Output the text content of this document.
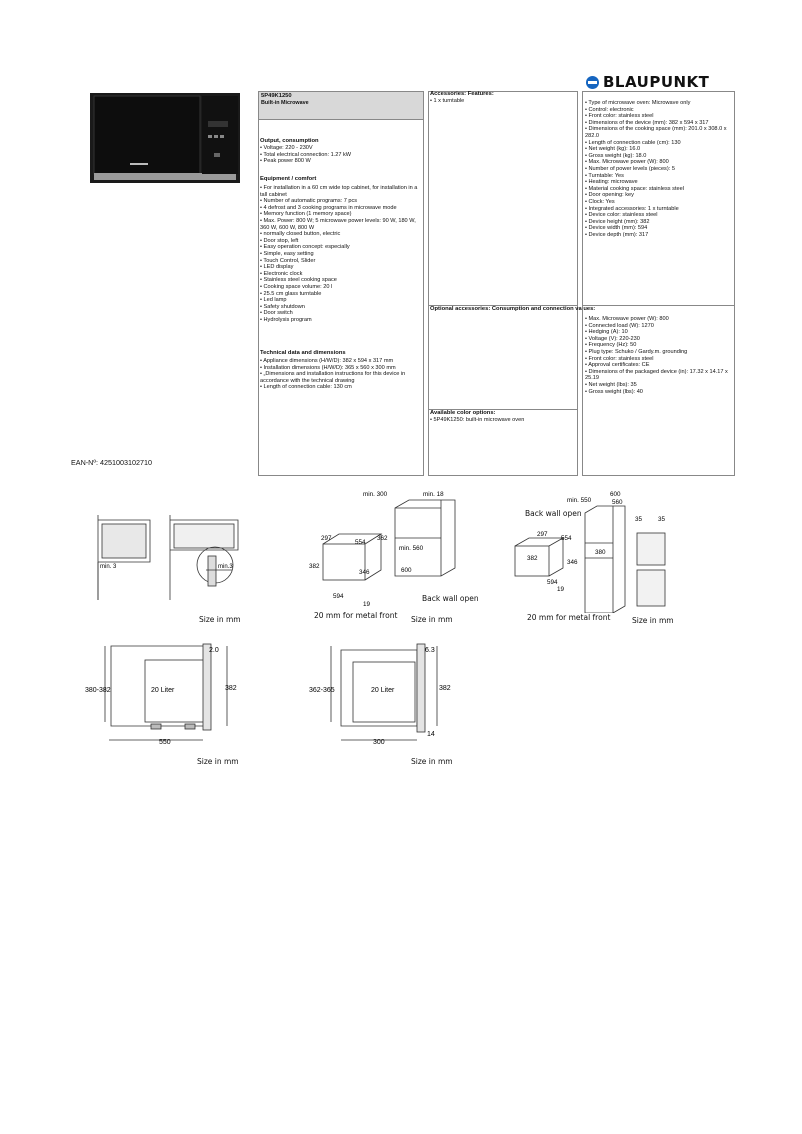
BLAUPUNKT
5P49K1250
Built-in Microwave
Output, consumption
• Voltage: 220 - 230V
• Total electrical connection: 1.27 kW
• Peak power 800 W
Equipment / comfort
• For installation in a 60 cm wide top cabinet, for installation in a tall cabinet
• Number of automatic programs: 7 pcs
• 4 defrost and 3 cooking programs in microwave mode
• Memory function (1 memory space)
• Max. Power: 800 W; 5 microwave power levels: 90 W, 180 W, 360 W, 600 W, 800 W
• normally closed button, electric
• Door stop, left
• Easy operation concept: especially
• Simple, easy setting
• Touch Control, Slider
• LED display
• Electronic clock
• Stainless steel cooking space
• Cooking space volume: 20 l
• 25.5 cm glass turntable
• Led lamp
• Safety shutdown
• Door switch
• Hydrolysis program
Technical data and dimensions
• Appliance dimensions (H/W/D): 382 x 594 x 317 mm
• Installation dimensions (H/W/D): 365 x 560 x 300 mm
• „Dimensions and installation instructions for this device in accordance with the technical drawing
• Length of connection cable: 130 cm
Accessories: Features:
• 1 x turntable
Optional accessories: Consumption and connection values:
Available color options:
• 5P49K1250: built-in microwave oven
• Type of microwave oven: Microwave only
• Control: electronic
• Front color: stainless steel
• Dimensions of the device (mm): 382 x 594 x 317
• Dimensions of the cooking space (mm): 201.0 x 308.0 x 282.0
• Length of connection cable (cm): 130
• Net weight (kg): 16.0
• Gross weight (kg): 18.0
• Max. Microwave power (W): 800
• Number of power levels (pieces): 5
• Turntable: Yes
• Heating: microwave
• Material cooking space: stainless steel
• Door opening: key
• Clock: Yes
• Integrated accessories: 1 x turntable
• Device color: stainless steel
• Device height (mm): 382
• Device width (mm): 594
• Device depth (mm): 317
• Max. Microwave power (W): 800
• Connected load (W): 1270
• Hedging (A): 10
• Voltage (V): 220-230
• Frequency (Hz): 50
• Plug type: Schuko / Gardy.m. grounding
• Front color: stainless steel
• Approval certificates: CE
• Dimensions of the packaged device (in): 17.32 x 14.17 x 25.19
• Net weight (lbs): 35
• Gross weight (lbs): 40
EAN-Nº: 4251003102710
min. 3	min.3
Size in mm
min. 300	min. 18
297
554
362
382
346
min. 560
594
19
600
Back wall open
20 mm for metal front Size in mm
600
min. 550	560
35	35
297
554
380
382
346
594
19
Back wall open
20 mm for metal front	Size in mm
2.0
380-382	20 Liter	382
550
Size in mm
6.3
362-365	20 Liter	382
14
300
Size in mm
